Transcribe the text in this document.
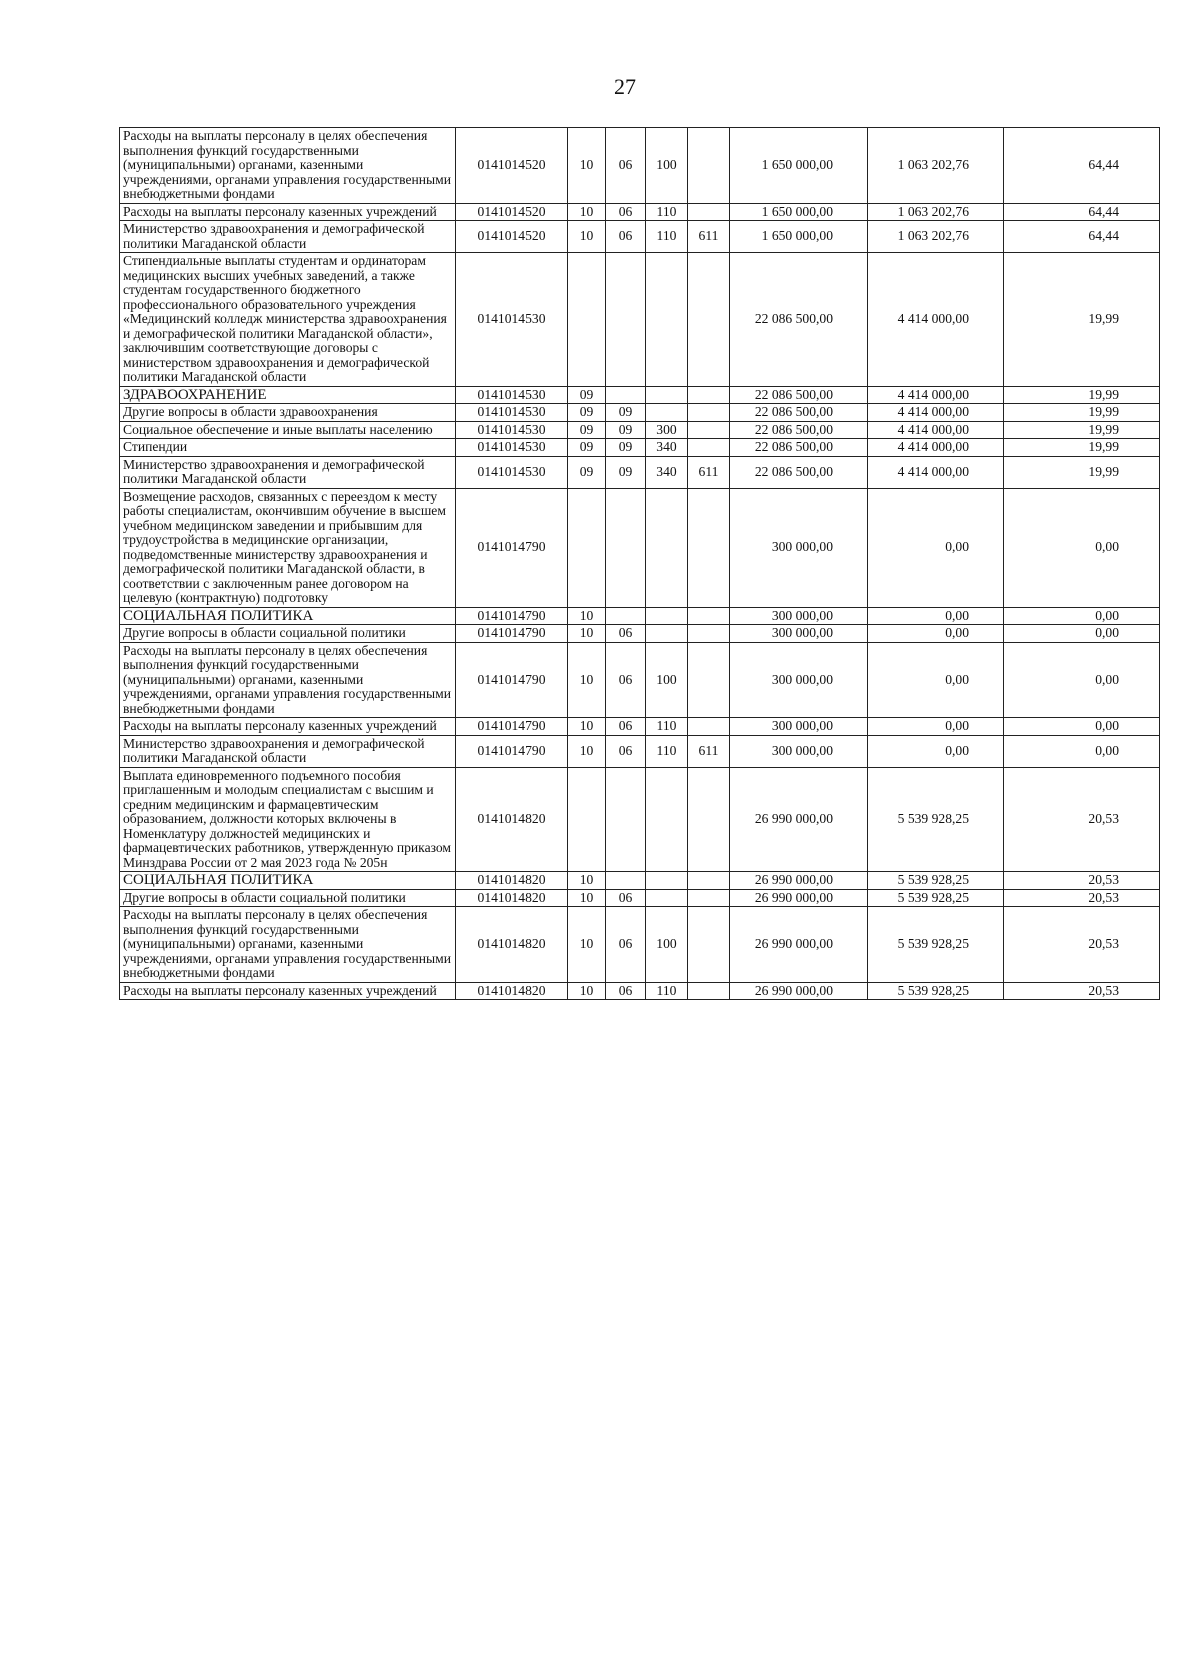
27
Расходы на выплаты персоналу в целях обеспечения выполнения функций государственными (муниципальными) органами, казенными учреждениями, органами управления государственными внебюджетными фондами	0141014520	10	06	100		1 650 000,00	1 063 202,76	64,44
Расходы на выплаты персоналу казенных учреждений	0141014520	10	06	110		1 650 000,00	1 063 202,76	64,44
Министерство здравоохранения и демографической политики Магаданской области	0141014520	10	06	110	611	1 650 000,00	1 063 202,76	64,44
Стипендиальные выплаты студентам и ординаторам медицинских высших учебных заведений, а также студентам государственного бюджетного профессионального образовательного учреждения «Медицинский колледж министерства здравоохранения и демографической политики Магаданской области», заключившим соответствующие договоры с министерством здравоохранения и демографической политики Магаданской области	0141014530					22 086 500,00	4 414 000,00	19,99
ЗДРАВООХРАНЕНИЕ	0141014530	09				22 086 500,00	4 414 000,00	19,99
Другие вопросы в области здравоохранения	0141014530	09	09			22 086 500,00	4 414 000,00	19,99
Социальное обеспечение и иные выплаты населению	0141014530	09	09	300		22 086 500,00	4 414 000,00	19,99
Стипендии	0141014530	09	09	340		22 086 500,00	4 414 000,00	19,99
Министерство здравоохранения и демографической политики Магаданской области	0141014530	09	09	340	611	22 086 500,00	4 414 000,00	19,99
Возмещение расходов, связанных с переездом к месту работы специалистам, окончившим обучение в высшем учебном медицинском заведении и прибывшим для трудоустройства в медицинские организации, подведомственные министерству здравоохранения и демографической политики Магаданской области, в соответствии с заключенным ранее договором на целевую (контрактную) подготовку	0141014790					300 000,00	0,00	0,00
СОЦИАЛЬНАЯ ПОЛИТИКА	0141014790	10				300 000,00	0,00	0,00
Другие вопросы в области социальной политики	0141014790	10	06			300 000,00	0,00	0,00
Расходы на выплаты персоналу в целях обеспечения выполнения функций государственными (муниципальными) органами, казенными учреждениями, органами управления государственными внебюджетными фондами	0141014790	10	06	100		300 000,00	0,00	0,00
Расходы на выплаты персоналу казенных учреждений	0141014790	10	06	110		300 000,00	0,00	0,00
Министерство здравоохранения и демографической политики Магаданской области	0141014790	10	06	110	611	300 000,00	0,00	0,00
Выплата единовременного подъемного пособия приглашенным и молодым специалистам с высшим и средним медицинским и фармацевтическим образованием, должности которых включены в Номенклатуру должностей медицинских и фармацевтических работников, утвержденную приказом Минздрава России от 2 мая 2023 года № 205н	0141014820					26 990 000,00	5 539 928,25	20,53
СОЦИАЛЬНАЯ ПОЛИТИКА	0141014820	10				26 990 000,00	5 539 928,25	20,53
Другие вопросы в области социальной политики	0141014820	10	06			26 990 000,00	5 539 928,25	20,53
Расходы на выплаты персоналу в целях обеспечения выполнения функций государственными (муниципальными) органами, казенными учреждениями, органами управления государственными внебюджетными фондами	0141014820	10	06	100		26 990 000,00	5 539 928,25	20,53
Расходы на выплаты персоналу казенных учреждений	0141014820	10	06	110		26 990 000,00	5 539 928,25	20,53
